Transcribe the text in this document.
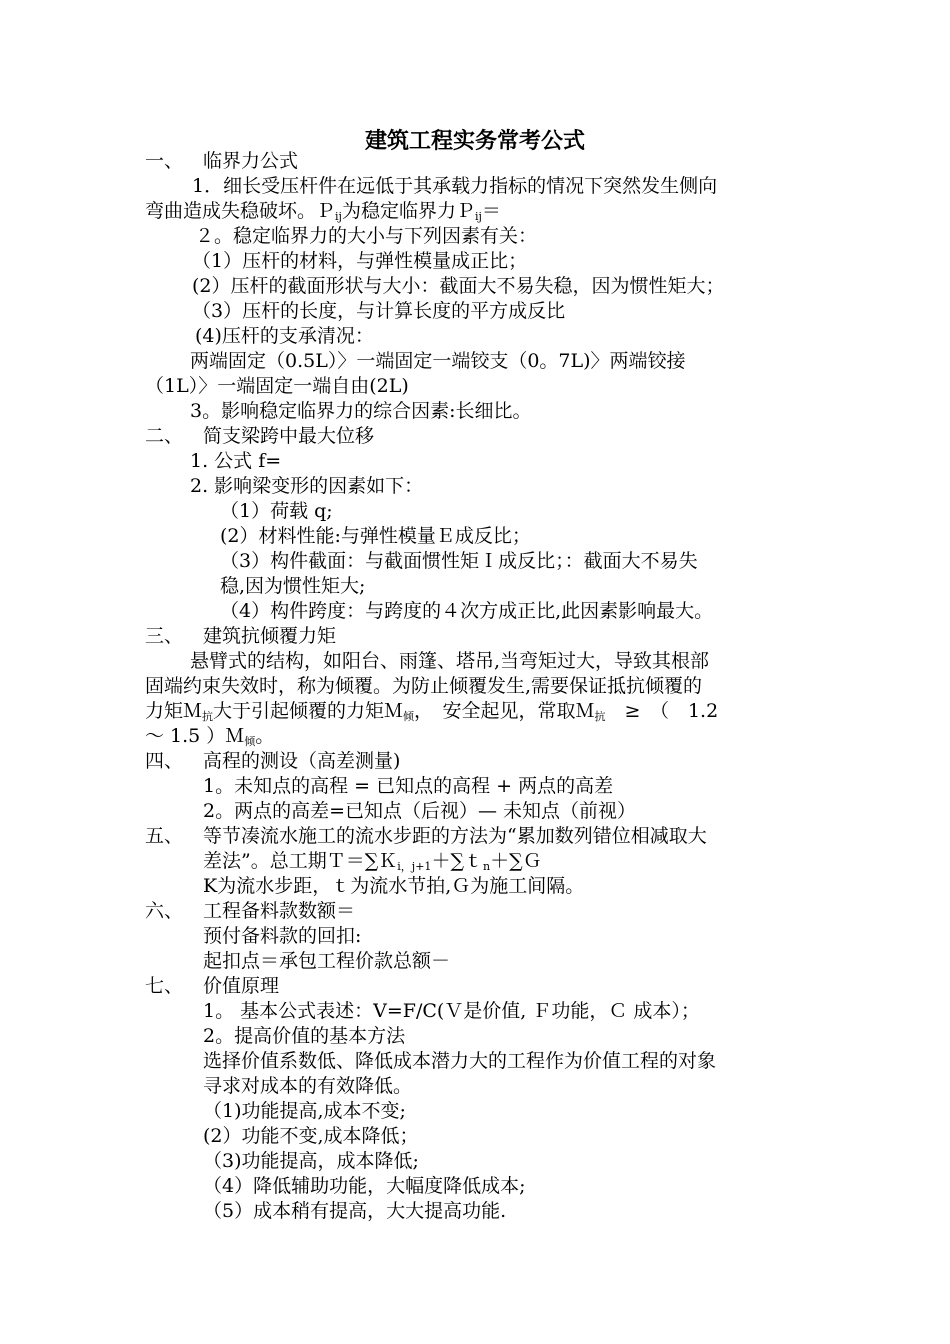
建筑工程实务常考公式
一、 临界力公式
1．细长受压杆件在远低于其承载力指标的情况下突然发生侧向
弯曲造成失稳破坏。Ｐ$_{ij}$为稳定临界力Ｐ$_{ij}$＝
２。稳定临界力的大小与下列因素有关：
（1）压杆的材料，与弹性模量成正比；
(2）压杆的截面形状与大小：截面大不易失稳，因为惯性矩大；
（3）压杆的长度，与计算长度的平方成反比
(4)压杆的支承清况：
两端固定（0.5L）〉一端固定一端铰支（0。7L)〉两端铰接
（1L）〉一端固定一端自由(2L)
3。影响稳定临界力的综合因素:长细比。
二、 简支梁跨中最大位移
1. 公式 f=
2. 影响梁变形的因素如下：
（1）荷载 q;
(2）材料性能:与弹性模量Ｅ成反比；
（3）构件截面：与截面惯性矩Ｉ成反比；：截面大不易失
稳,因为惯性矩大;
（4）构件跨度：与跨度的４次方成正比,此因素影响最大。
三、 建筑抗倾覆力矩
悬臂式的结构，如阳台、雨篷、塔吊,当弯矩过大，导致其根部
固端约束失效时，称为倾覆。为防止倾覆发生,需要保证抵抗倾覆的
力矩Ｍ$_抗$大于引起倾覆的力矩Ｍ$_倾$，　安全起见，常取Ｍ$_抗$　≥　（　1.2
～ 1.5 ）Ｍ$_倾$。
四、 高程的测设（高差测量)
1。未知点的高程 = 已知点的高程 + 两点的高差
2。两点的高差=已知点（后视）— 未知点（前视）
五、 等节凑流水施工的流水步距的方法为“累加数列错位相减取大
差法”。总工期Ｔ＝∑Ｋ$_{i,j+1}$＋∑ｔ$_n$＋∑Ｇ
K为流水步距，ｔ为流水节拍,Ｇ为施工间隔。
六、 工程备料款数额＝
预付备料款的回扣:
起扣点＝承包工程价款总额－
七、 价值原理
1。 基本公式表述：V=F/C(Ｖ是价值, Ｆ功能，Ｃ 成本）；
2。提高价值的基本方法
选择价值系数低、降低成本潜力大的工程作为价值工程的对象
寻求对成本的有效降低。
（1)功能提高,成本不变;
(2）功能不变,成本降低；
（3)功能提高，成本降低;
（4）降低辅助功能，大幅度降低成本;
（5）成本稍有提高，大大提高功能.
